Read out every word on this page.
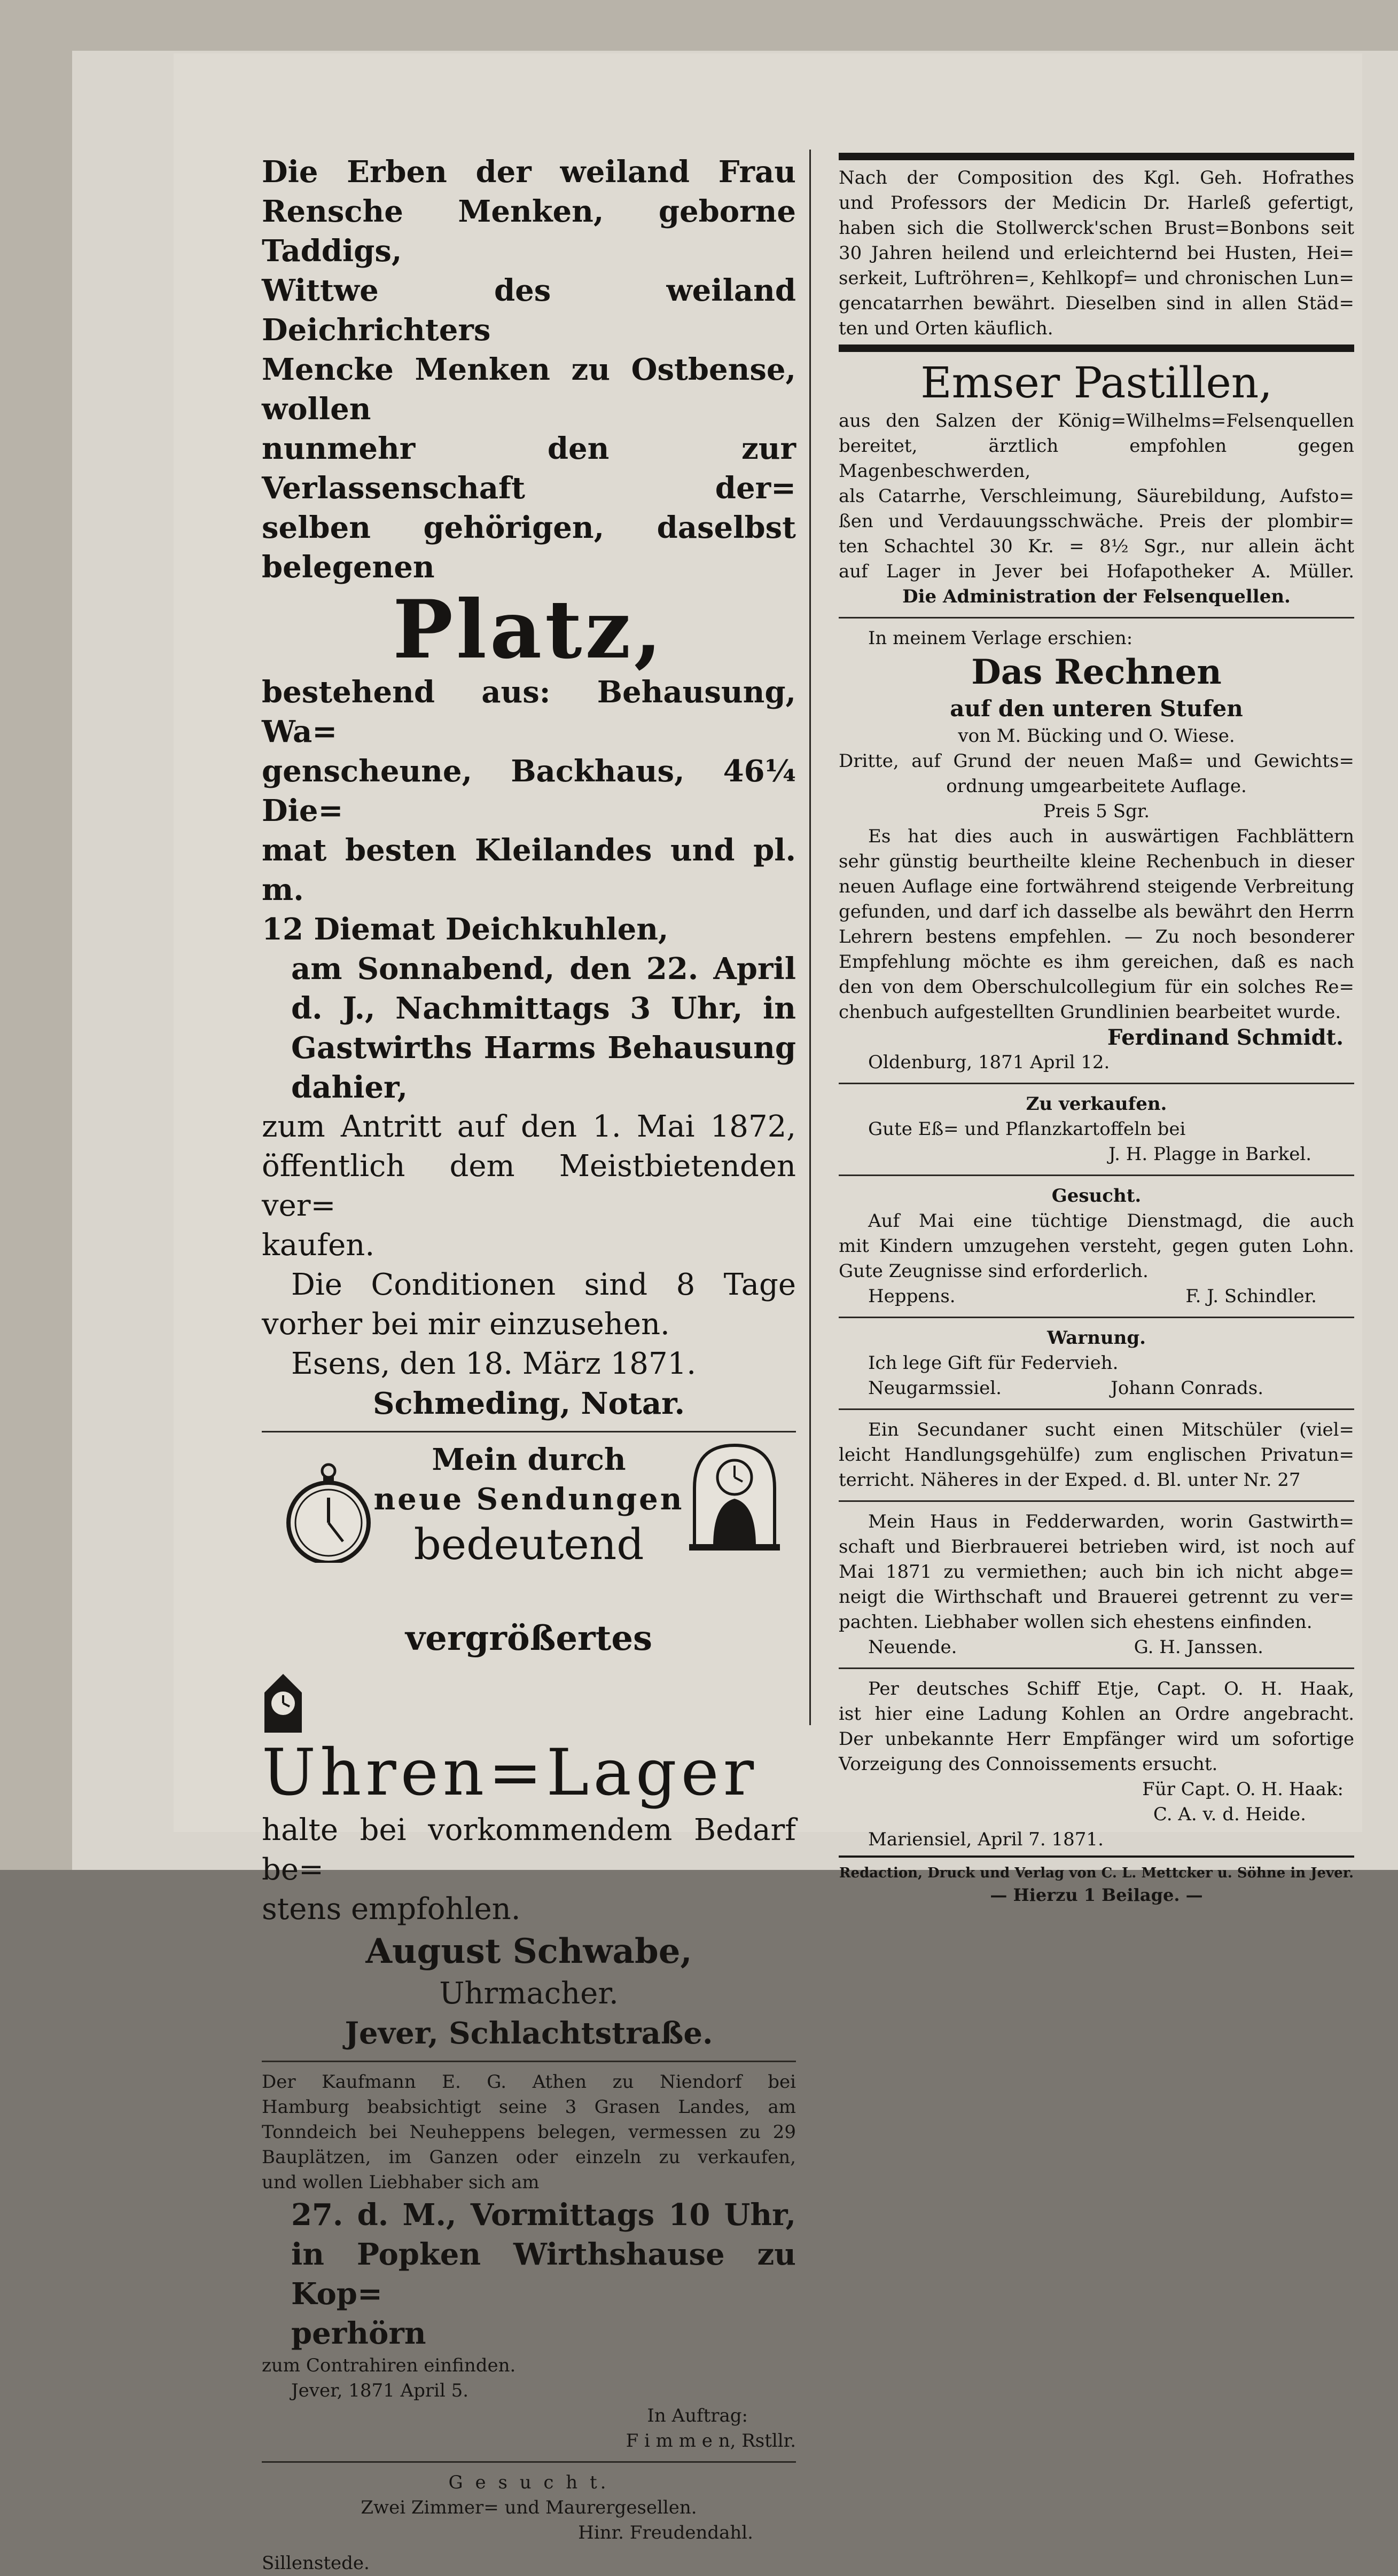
Die Erben der weiland Frau

Rensche Menken, geborne Taddigs,

Wittwe des weiland Deichrichters

Mencke Menken zu Ostbense, wollen

nunmehr den zur Verlassenschaft der=

selben gehörigen, daselbst belegenen

Platz,

bestehend aus: Behausung, Wa=

genscheune, Backhaus, 46¼ Die=

mat besten Kleilandes und pl. m.

12 Diemat Deichkuhlen,

am Sonnabend, den 22. April

d. J., Nachmittags 3 Uhr, in

Gastwirths Harms Behausung

dahier,

zum Antritt auf den 1. Mai 1872,

öffentlich dem Meistbietenden ver=

kaufen.

Die Conditionen sind 8 Tage

vorher bei mir einzusehen.

Esens, den 18. März 1871.

Schmeding, Notar.

Mein durch

neue Sendungen

bedeutend

vergrößertes

Uhren=Lager

halte bei vorkommendem Bedarf be=

stens empfohlen.

August Schwabe,

Uhrmacher.

Jever, Schlachtstraße.

Der Kaufmann E. G. Athen zu Niendorf bei

Hamburg beabsichtigt seine 3 Grasen Landes, am

Tonndeich bei Neuheppens belegen, vermessen zu 29

Bauplätzen, im Ganzen oder einzeln zu verkaufen,

und wollen Liebhaber sich am

27. d. M., Vormittags 10 Uhr,

in Popken Wirthshause zu Kop=

perhörn

zum Contrahiren einfinden.

Jever, 1871 April 5.

In Auftrag:

F i m m e n, Rstllr.

G e s u c h t.

Zwei Zimmer= und Maurergesellen.

Hinr. Freudendahl.

Sillenstede.

Nach der Composition des Kgl. Geh. Hofrathes

und Professors der Medicin Dr. Harleß gefertigt,

haben sich die Stollwerck'schen Brust=Bonbons seit

30 Jahren heilend und erleichternd bei Husten, Hei=

serkeit, Luftröhren=, Kehlkopf= und chronischen Lun=

gencatarrhen bewährt. Dieselben sind in allen Städ=

ten und Orten käuflich.

Emser Pastillen,

aus den Salzen der König=Wilhelms=Felsenquellen

bereitet, ärztlich empfohlen gegen Magenbeschwerden,

als Catarrhe, Verschleimung, Säurebildung, Aufsto=

ßen und Verdauungsschwäche. Preis der plombir=

ten Schachtel 30 Kr. = 8½ Sgr., nur allein ächt

auf Lager in Jever bei Hofapotheker A. Müller.

Die Administration der Felsenquellen.

In meinem Verlage erschien:

Das Rechnen

auf den unteren Stufen

von M. Bücking und O. Wiese.

Dritte, auf Grund der neuen Maß= und Gewichts=

ordnung umgearbeitete Auflage.

Preis 5 Sgr.

Es hat dies auch in auswärtigen Fachblättern

sehr günstig beurtheilte kleine Rechenbuch in dieser

neuen Auflage eine fortwährend steigende Verbreitung

gefunden, und darf ich dasselbe als bewährt den Herrn

Lehrern bestens empfehlen. — Zu noch besonderer

Empfehlung möchte es ihm gereichen, daß es nach

den von dem Oberschulcollegium für ein solches Re=

chenbuch aufgestellten Grundlinien bearbeitet wurde.

Ferdinand Schmidt.

Oldenburg, 1871 April 12.

Zu verkaufen.

Gute Eß= und Pflanzkartoffeln bei

J. H. Plagge in Barkel.

Gesucht.

Auf Mai eine tüchtige Dienstmagd, die auch

mit Kindern umzugehen versteht, gegen guten Lohn.

Gute Zeugnisse sind erforderlich.

Heppens.	F. J. Schindler.

Warnung.

Ich lege Gift für Federvieh.

Neugarmssiel.	Johann Conrads.

Ein Secundaner sucht einen Mitschüler (viel=

leicht Handlungsgehülfe) zum englischen Privatun=

terricht. Näheres in der Exped. d. Bl. unter Nr. 27

Mein Haus in Fedderwarden, worin Gastwirth=

schaft und Bierbrauerei betrieben wird, ist noch auf

Mai 1871 zu vermiethen; auch bin ich nicht abge=

neigt die Wirthschaft und Brauerei getrennt zu ver=

pachten. Liebhaber wollen sich ehestens einfinden.

Neuende.	G. H. Janssen.

Per deutsches Schiff Etje, Capt. O. H. Haak,

ist hier eine Ladung Kohlen an Ordre angebracht.

Der unbekannte Herr Empfänger wird um sofortige

Vorzeigung des Connoissements ersucht.

Für Capt. O. H. Haak:

C. A. v. d. Heide.

Mariensiel, April 7. 1871.

Redaction, Druck und Verlag von C. L. Mettcker u. Söhne in Jever.

— Hierzu 1 Beilage. —
